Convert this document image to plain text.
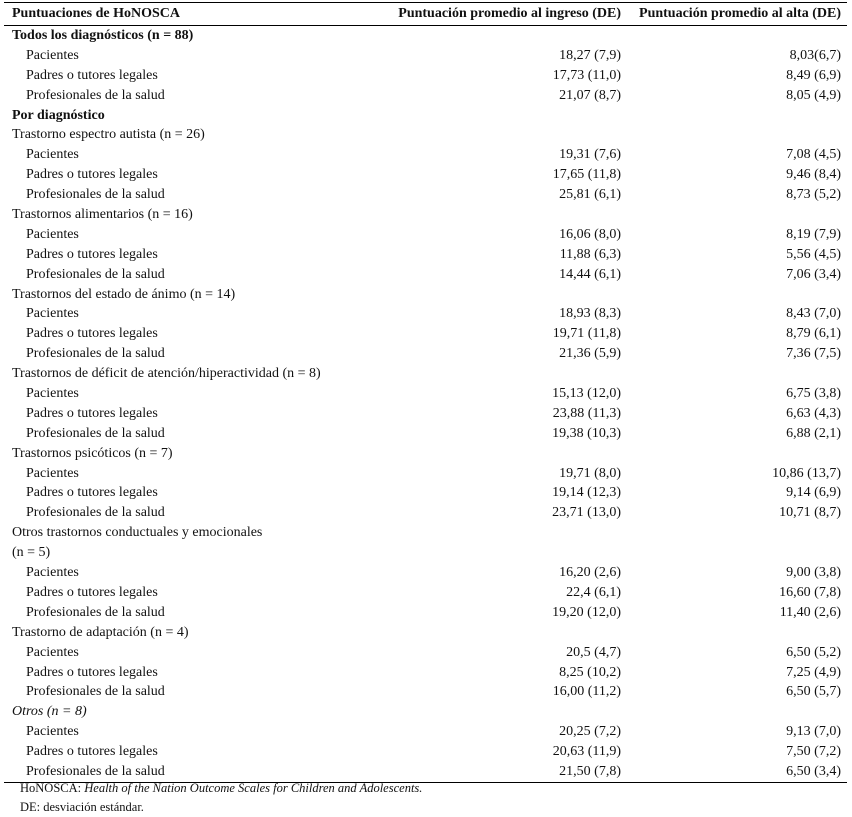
Puntuaciones de HoNOSCA	Puntuación promedio al ingreso (DE)	Puntuación promedio al alta (DE)
Todos los diagnósticos (n = 88)
Pacientes	18,27 (7,9)	8,03(6,7)
Padres o tutores legales	17,73 (11,0)	8,49 (6,9)
Profesionales de la salud	21,07 (8,7)	8,05 (4,9)
Por diagnóstico
Trastorno espectro autista (n = 26)
Pacientes	19,31 (7,6)	7,08 (4,5)
Padres o tutores legales	17,65 (11,8)	9,46 (8,4)
Profesionales de la salud	25,81 (6,1)	8,73 (5,2)
Trastornos alimentarios (n = 16)
Pacientes	16,06 (8,0)	8,19 (7,9)
Padres o tutores legales	11,88 (6,3)	5,56 (4,5)
Profesionales de la salud	14,44 (6,1)	7,06 (3,4)
Trastornos del estado de ánimo (n = 14)
Pacientes	18,93 (8,3)	8,43 (7,0)
Padres o tutores legales	19,71 (11,8)	8,79 (6,1)
Profesionales de la salud	21,36 (5,9)	7,36 (7,5)
Trastornos de déficit de atención/hiperactividad (n = 8)
Pacientes	15,13 (12,0)	6,75 (3,8)
Padres o tutores legales	23,88 (11,3)	6,63 (4,3)
Profesionales de la salud	19,38 (10,3)	6,88 (2,1)
Trastornos psicóticos (n = 7)
Pacientes	19,71 (8,0)	10,86 (13,7)
Padres o tutores legales	19,14 (12,3)	9,14 (6,9)
Profesionales de la salud	23,71 (13,0)	10,71 (8,7)
Otros trastornos conductuales y emocionales
(n = 5)
Pacientes	16,20 (2,6)	9,00 (3,8)
Padres o tutores legales	22,4 (6,1)	16,60 (7,8)
Profesionales de la salud	19,20 (12,0)	11,40 (2,6)
Trastorno de adaptación (n = 4)
Pacientes	20,5 (4,7)	6,50 (5,2)
Padres o tutores legales	8,25 (10,2)	7,25 (4,9)
Profesionales de la salud	16,00 (11,2)	6,50 (5,7)
Otros (n = 8)
Pacientes	20,25 (7,2)	9,13 (7,0)
Padres o tutores legales	20,63 (11,9)	7,50 (7,2)
Profesionales de la salud	21,50 (7,8)	6,50 (3,4)
HoNOSCA: Health of the Nation Outcome Scales for Children and Adolescents.
DE: desviación estándar.
